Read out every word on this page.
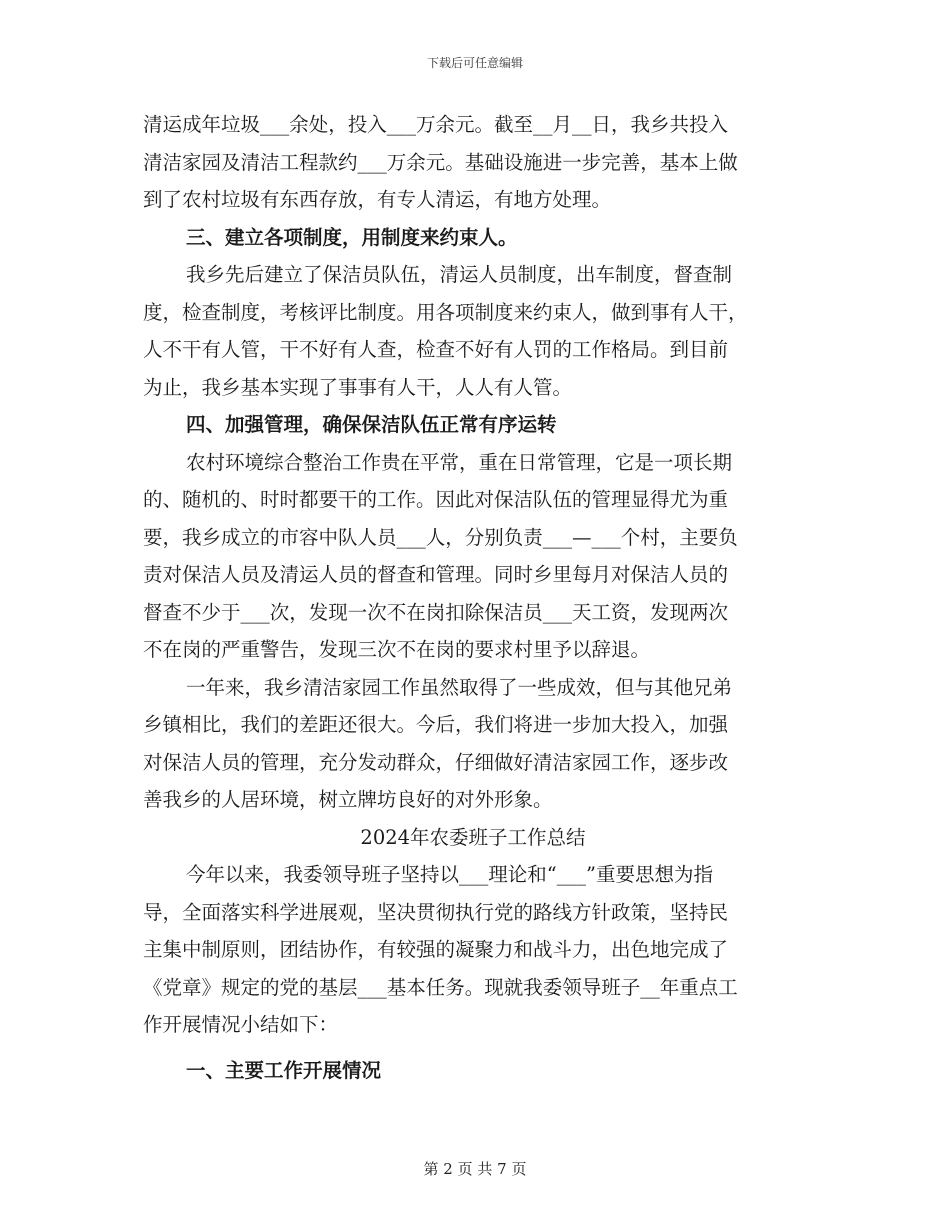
下载后可任意编辑
清运成年垃圾___余处，投入___万余元。截至__月__日，我乡共投入
清洁家园及清洁工程款约___万余元。基础设施进一步完善，基本上做
到了农村垃圾有东西存放，有专人清运，有地方处理。
三、建立各项制度，用制度来约束人。
我乡先后建立了保洁员队伍，清运人员制度，出车制度，督查制
度，检查制度，考核评比制度。用各项制度来约束人，做到事有人干，
人不干有人管，干不好有人查，检查不好有人罚的工作格局。到目前
为止，我乡基本实现了事事有人干，人人有人管。
四、加强管理，确保保洁队伍正常有序运转
农村环境综合整治工作贵在平常，重在日常管理，它是一项长期
的、随机的、时时都要干的工作。因此对保洁队伍的管理显得尤为重
要，我乡成立的市容中队人员___人，分别负责___—___个村，主要负
责对保洁人员及清运人员的督查和管理。同时乡里每月对保洁人员的
督查不少于___次，发现一次不在岗扣除保洁员___天工资，发现两次
不在岗的严重警告，发现三次不在岗的要求村里予以辞退。
一年来，我乡清洁家园工作虽然取得了一些成效，但与其他兄弟
乡镇相比，我们的差距还很大。今后，我们将进一步加大投入，加强
对保洁人员的管理，充分发动群众，仔细做好清洁家园工作，逐步改
善我乡的人居环境，树立牌坊良好的对外形象。
2024年农委班子工作总结
今年以来，我委领导班子坚持以___理论和“___”重要思想为指
导，全面落实科学进展观，坚决贯彻执行党的路线方针政策，坚持民
主集中制原则，团结协作，有较强的凝聚力和战斗力，出色地完成了
《党章》规定的党的基层___基本任务。现就我委领导班子__年重点工
作开展情况小结如下：
一、主要工作开展情况
第 2 页 共 7 页
